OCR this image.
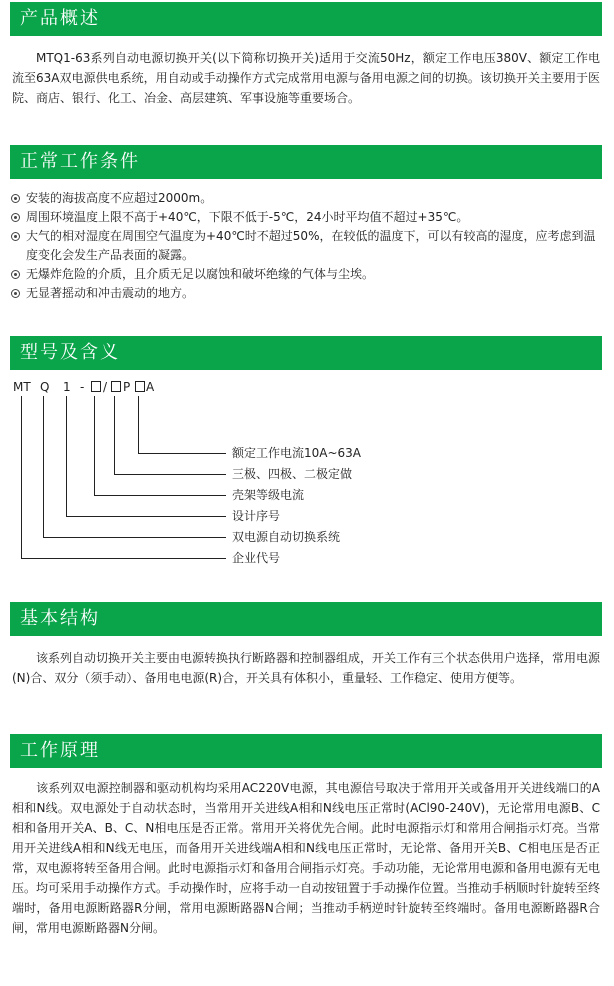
产品概述

MTQ1-63系列自动电源切换开关(以下简称切换开关)适用于交流50Hz，额定工作电压380V、额定工作电流至63A双电源供电系统，用自动或手动操作方式完成常用电源与备用电源之间的切换。该切换开关主要用于医院、商店、银行、化工、冶金、高层建筑、军事设施等重要场合。

正常工作条件
安装的海拔高度不应超过2000m。
周围环境温度上限不高于+40℃，下限不低于-5℃，24小时平均值不超过+35℃。
大气的相对湿度在周围空气温度为+40℃时不超过50%，在较低的温度下，可以有较高的湿度，应考虑到温度变化会发生产品表面的凝露。
无爆炸危险的介质，且介质无足以腐蚀和破坏绝缘的气体与尘埃。
无显著摇动和冲击震动的地方。
型号及含义
MT Q 1 - / P A
额定工作电流10A~63A
三极、四极、二极定做
壳架等级电流
设计序号
双电源自动切换系统
企业代号
基本结构

该系列自动切换开关主要由电源转换执行断路器和控制器组成，开关工作有三个状态供用户选择，常用电源(N)合、双分（须手动）、备用电电源(R)合，开关具有体积小，重量轻、工作稳定、使用方便等。

工作原理

该系列双电源控制器和驱动机构均采用AC220V电源，其电源信号取决于常用开关或备用开关进线端口的A相和N线。双电源处于自动状态时，当常用开关进线A相和N线电压正常时(ACl90-240V)，无论常用电源B、C相和备用开关A、B、C、N相电压是否正常。常用开关将优先合闸。此时电源指示灯和常用合闸指示灯亮。当常用开关进线A相和N线无电压，而备用开关进线端A相和N线电压正常时，无论常、备用开关B、C相电压是否正常，双电源将转至备用合闸。此时电源指示灯和备用合闸指示灯亮。手动功能，无论常用电源和备用电源有无电压。均可采用手动操作方式。手动操作时，应将手动一自动按钮置于手动操作位置。当推动手柄顺时针旋转至终端时，备用电源断路器R分闸，常用电源断路器N合闸；当推动手柄逆时针旋转至终端时。备用电源断路器R合闸，常用电源断路器N分闸。
